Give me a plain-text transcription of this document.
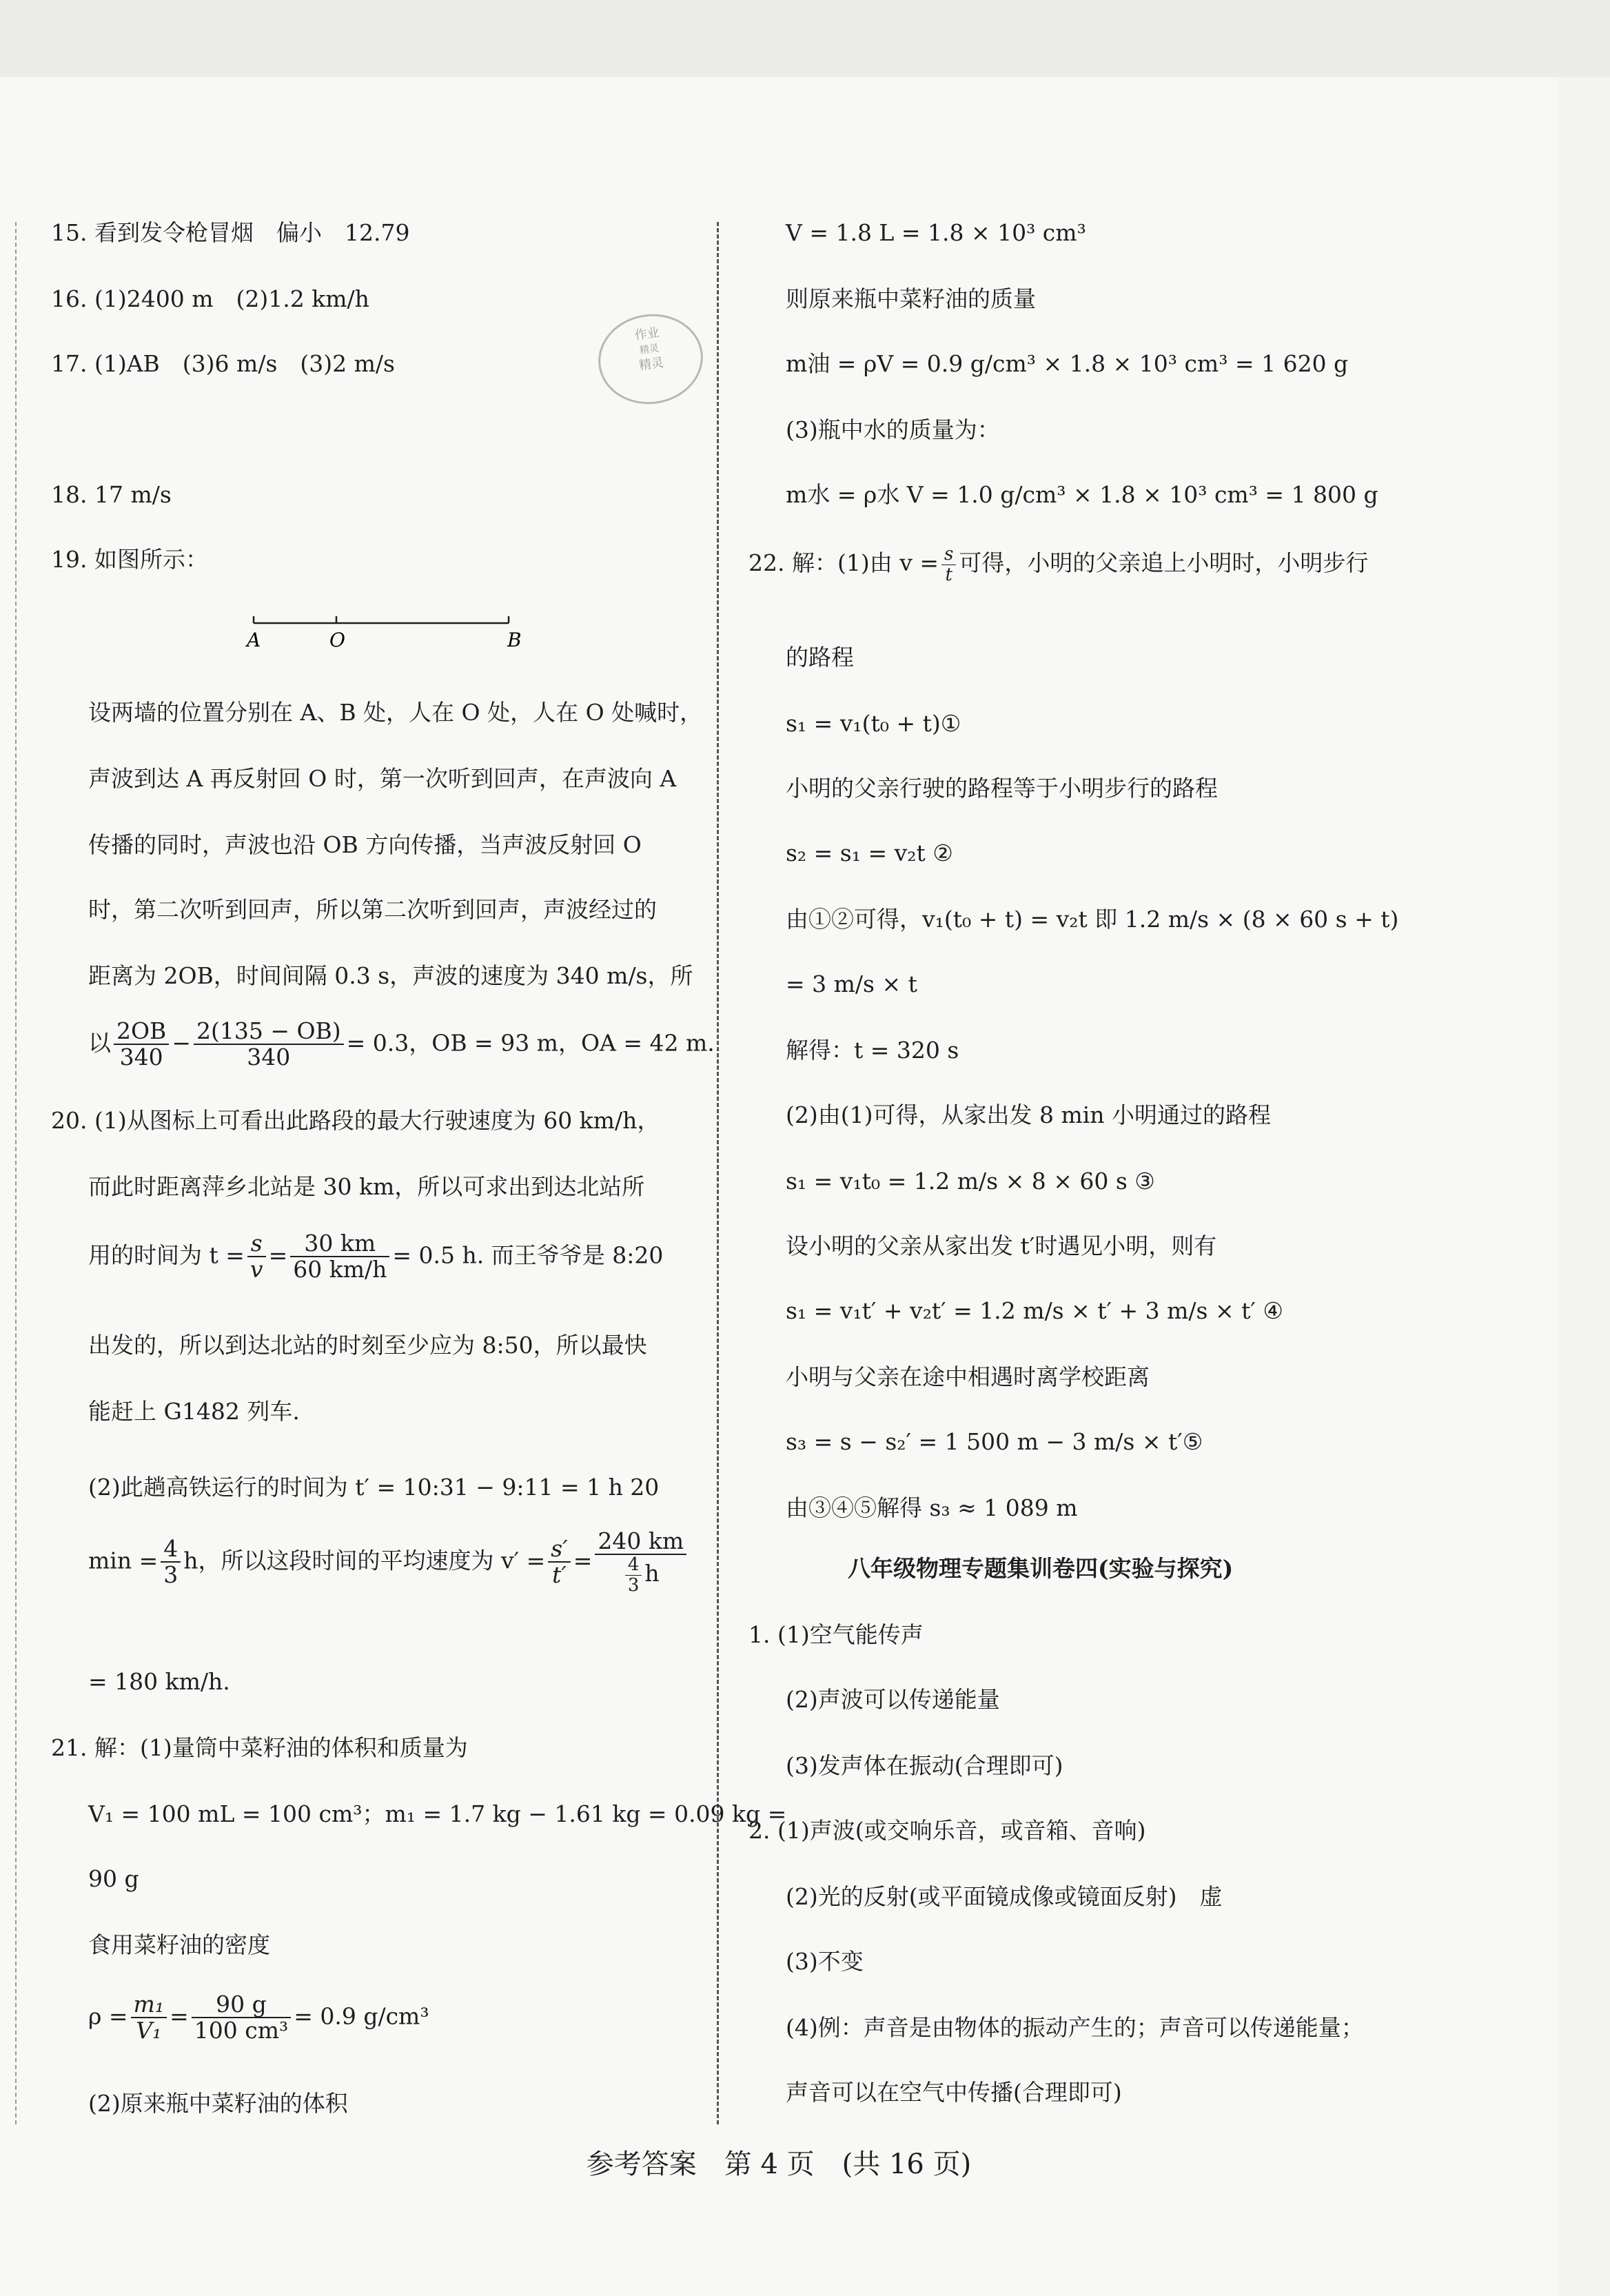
15. 看到发令枪冒烟　偏小　12.79
16. (1)2400 m　(2)1.2 km/h
17. (1)AB　(3)6 m/s　(3)2 m/s
作业
精灵
精灵
18. 17 m/s
19. 如图所示：
A	O	B
设两墙的位置分别在 A、B 处，人在 O 处，人在 O 处喊时，
声波到达 A 再反射回 O 时，第一次听到回声，在声波向 A
传播的同时，声波也沿 OB 方向传播，当声波反射回 O
时，第二次听到回声，所以第二次听到回声，声波经过的
距离为 2OB，时间间隔 0.3 s，声波的速度为 340 m/s，所
以 $\frac{2OB}{340} - \frac{2(135 - OB)}{340} = 0.3$，OB = 93 m，OA = 42 m.
20. (1)从图标上可看出此路段的最大行驶速度为 60 km/h，
而此时距离萍乡北站是 30 km，所以可求出到达北站所
用的时间为 $t = \frac{s}{v} = \frac{30 km}{60 km/h} = 0.5$ h. 而王爷爷是 8:20
出发的，所以到达北站的时刻至少应为 8:50，所以最快
能赶上 G1482 列车.
(2)此趟高铁运行的时间为 t′ = 10:31 − 9:11 = 1 h 20
$\min = \frac{4}{3}$ h，所以这段时间的平均速度为 $v' = \frac{s'}{t'} = \frac{240 km}{\frac{4}{3} h}$
= 180 km/h.
21. 解：(1)量筒中菜籽油的体积和质量为
V₁ = 100 mL = 100 cm³；m₁ = 1.7 kg − 1.61 kg = 0.09 kg =
90 g
食用菜籽油的密度
$\rho = \frac{\text{m₁}}{\text{V₁}} = \frac{90 g}{\text{100 cm³}} = 0.9$ g/cm³
(2)原来瓶中菜籽油的体积
V = 1.8 L = 1.8 × 10³ cm³
则原来瓶中菜籽油的质量
m油 = ρV = 0.9 g/cm³ × 1.8 × 10³ cm³ = 1 620 g
(3)瓶中水的质量为：
m水 = ρ水 V = 1.0 g/cm³ × 1.8 × 10³ cm³ = 1 800 g
22. 解：(1)由 $v = \frac{s}{t}$ 可得，小明的父亲追上小明时，小明步行
的路程
s₁ = v₁(t₀ + t)①
小明的父亲行驶的路程等于小明步行的路程
s₂ = s₁ = v₂t ②
由①②可得，v₁(t₀ + t) = v₂t 即 1.2 m/s × (8 × 60 s + t)
= 3 m/s × t
解得：t = 320 s
(2)由(1)可得，从家出发 8 min 小明通过的路程
s₁ = v₁t₀ = 1.2 m/s × 8 × 60 s ③
设小明的父亲从家出发 t′时遇见小明，则有
s₁ = v₁t′ + v₂t′ = 1.2 m/s × t′ + 3 m/s × t′ ④
小明与父亲在途中相遇时离学校距离
s₃ = s − s₂′ = 1 500 m − 3 m/s × t′⑤
由③④⑤解得 s₃ ≈ 1 089 m
八年级物理专题集训卷四(实验与探究)
1. (1)空气能传声
(2)声波可以传递能量
(3)发声体在振动(合理即可)
2. (1)声波(或交响乐音，或音箱、音响)
(2)光的反射(或平面镜成像或镜面反射)　虚
(3)不变
(4)例：声音是由物体的振动产生的；声音可以传递能量；
声音可以在空气中传播(合理即可)
参考答案　第 4 页　(共 16 页)
